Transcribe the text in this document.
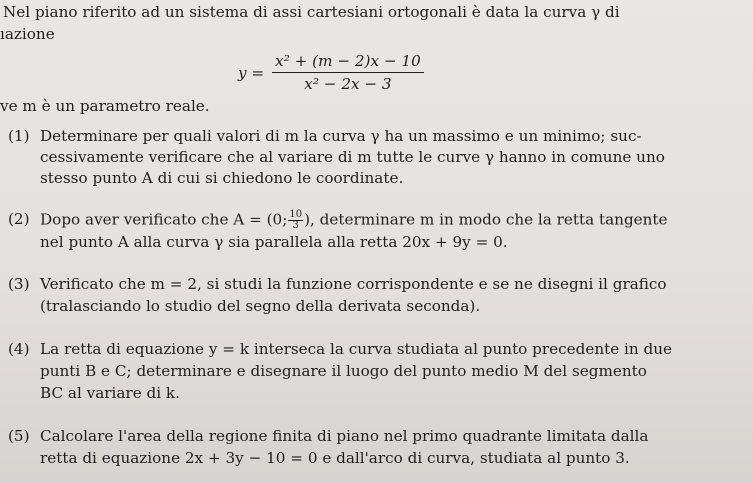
Nel piano riferito ad un sistema di assi cartesiani ortogonali è data la curva γ di
ıazione
$y = \frac{\text{x² + (m − 2)x − 10}}{\text{x² − 2x − 3}}$
ve m è un parametro reale.
(1) Determinare per quali valori di m la curva γ ha un massimo e un minimo; suc-
cessivamente verificare che al variare di m tutte le curve γ hanno in comune uno
stesso punto A di cui si chiedono le coordinate.
(2) Dopo aver verificato che A = (0; $\frac{10}{3}$ ), determinare m in modo che la retta tangente
nel punto A alla curva γ sia parallela alla retta 20x + 9y = 0.
(3) Verificato che m = 2, si studi la funzione corrispondente e se ne disegni il grafico
(tralasciando lo studio del segno della derivata seconda).
(4) La retta di equazione y = k interseca la curva studiata al punto precedente in due
punti B e C; determinare e disegnare il luogo del punto medio M del segmento
BC al variare di k.
(5) Calcolare l'area della regione finita di piano nel primo quadrante limitata dalla
retta di equazione 2x + 3y − 10 = 0 e dall'arco di curva, studiata al punto 3.
